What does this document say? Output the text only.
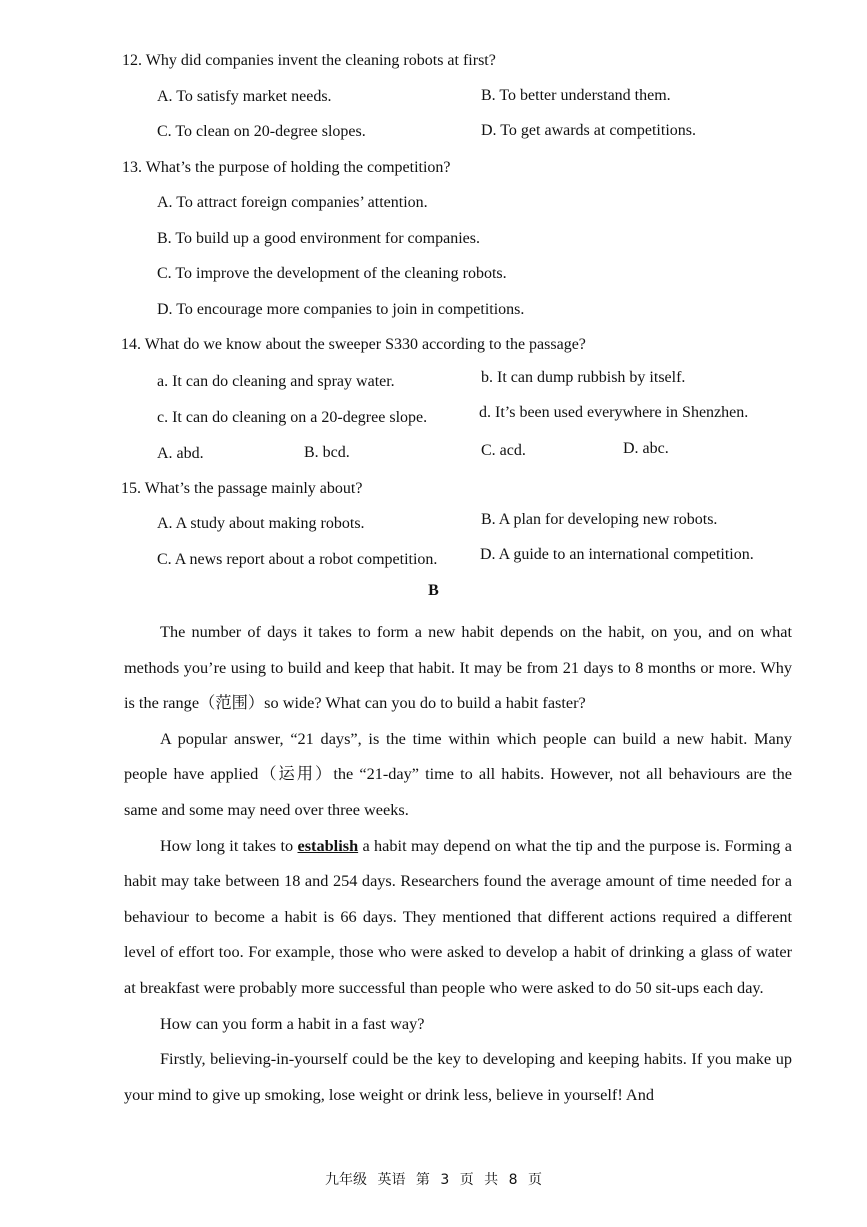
12. Why did companies invent the cleaning robots at first?
A. To satisfy market needs.	B. To better understand them.
C. To clean on 20-degree slopes.	D. To get awards at competitions.
13. What’s the purpose of holding the competition?
A. To attract foreign companies’ attention.
B. To build up a good environment for companies.
C. To improve the development of the cleaning robots.
D. To encourage more companies to join in competitions.
14. What do we know about the sweeper S330 according to the passage?
a. It can do cleaning and spray water.	b. It can dump rubbish by itself.
c. It can do cleaning on a 20-degree slope.	d. It’s been used everywhere in Shenzhen.
A. abd.	B. bcd.	C. acd.	D. abc.
15. What’s the passage mainly about?
A. A study about making robots.	B. A plan for developing new robots.
C. A news report about a robot competition.	D. A guide to an international competition.
B

The number of days it takes to form a new habit depends on the habit, on you, and on what methods you’re using to build and keep that habit. It may be from 21 days to 8 months or more. Why is the range（范围）so wide? What can you do to build a habit faster?

A popular answer, “21 days”, is the time within which people can build a new habit. Many people have applied（运用）the “21-day” time to all habits. However, not all behaviours are the same and some may need over three weeks.

How long it takes to establish a habit may depend on what the tip and the purpose is. Forming a habit may take between 18 and 254 days. Researchers found the average amount of time needed for a behaviour to become a habit is 66 days. They mentioned that different actions required a different level of effort too. For example, those who were asked to develop a habit of drinking a glass of water at breakfast were probably more successful than people who were asked to do 50 sit-ups each day.

How can you form a habit in a fast way?

Firstly, believing-in-yourself could be the key to developing and keeping habits. If you make up your mind to give up smoking, lose weight or drink less, believe in yourself! And

九年级 英语 第 3 页 共 8 页
